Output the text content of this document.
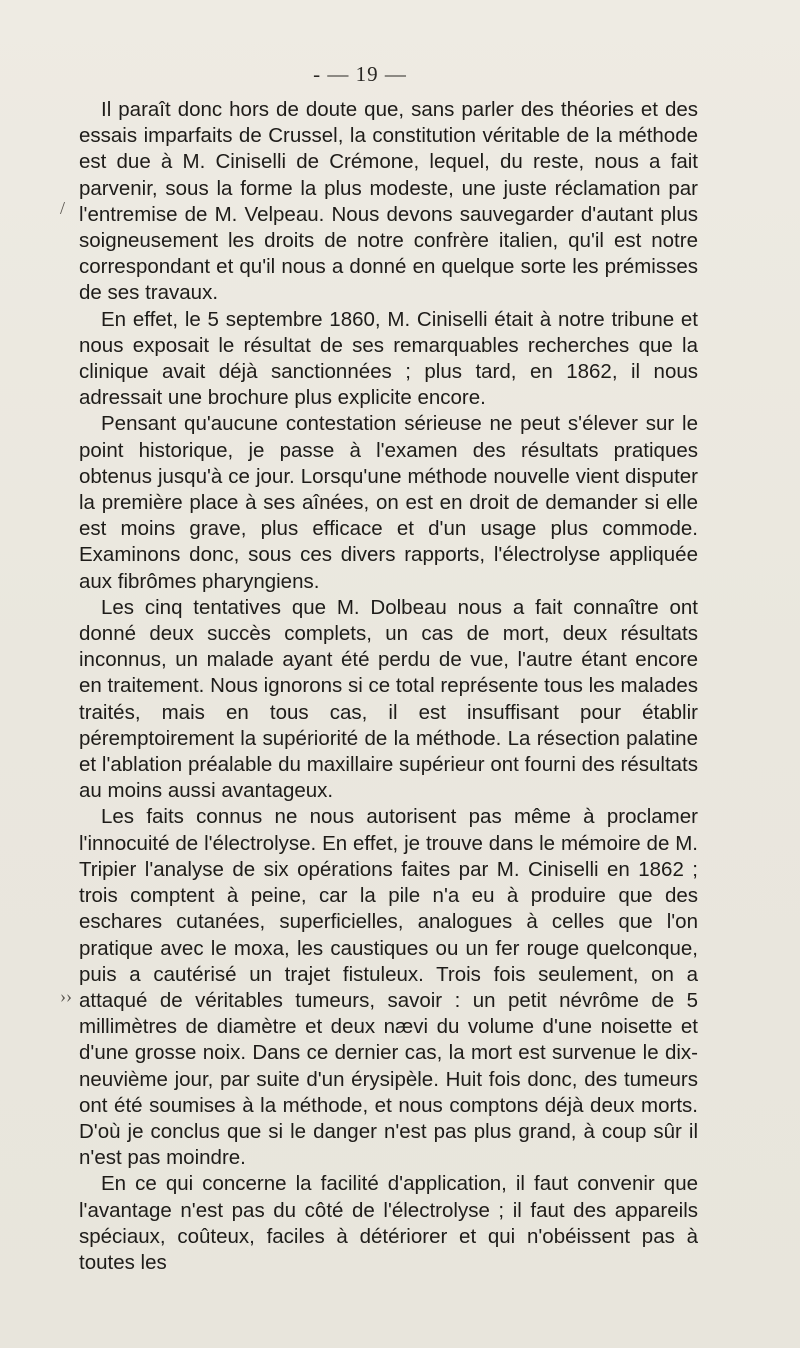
- — 19 —
/
››

Il paraît donc hors de doute que, sans parler des théories et des essais imparfaits de Crussel, la constitution véritable de la méthode est due à M. Ciniselli de Crémone, lequel, du reste, nous a fait parvenir, sous la forme la plus modeste, une juste réclamation par l'entremise de M. Velpeau. Nous devons sauvegarder d'autant plus soigneusement les droits de notre confrère italien, qu'il est notre correspondant et qu'il nous a donné en quelque sorte les prémisses de ses travaux.

En effet, le 5 septembre 1860, M. Ciniselli était à notre tribune et nous exposait le résultat de ses remarquables recherches que la clinique avait déjà sanctionnées ; plus tard, en 1862, il nous adressait une brochure plus explicite encore.

Pensant qu'aucune contestation sérieuse ne peut s'élever sur le point historique, je passe à l'examen des résultats pratiques obtenus jusqu'à ce jour. Lorsqu'une méthode nouvelle vient disputer la première place à ses aînées, on est en droit de demander si elle est moins grave, plus efficace et d'un usage plus commode. Examinons donc, sous ces divers rapports, l'électrolyse appliquée aux fibrômes pharyngiens.

Les cinq tentatives que M. Dolbeau nous a fait connaître ont donné deux succès complets, un cas de mort, deux résultats inconnus, un malade ayant été perdu de vue, l'autre étant encore en traitement. Nous ignorons si ce total représente tous les malades traités, mais en tous cas, il est insuffisant pour établir péremptoirement la supériorité de la méthode. La résection palatine et l'ablation préalable du maxillaire supérieur ont fourni des résultats au moins aussi avantageux.

Les faits connus ne nous autorisent pas même à proclamer l'innocuité de l'électrolyse. En effet, je trouve dans le mémoire de M. Tripier l'analyse de six opérations faites par M. Ciniselli en 1862 ; trois comptent à peine, car la pile n'a eu à produire que des eschares cutanées, superficielles, analogues à celles que l'on pratique avec le moxa, les caustiques ou un fer rouge quelconque, puis a cautérisé un trajet fistuleux. Trois fois seulement, on a attaqué de véritables tumeurs, savoir : un petit névrôme de 5 millimètres de diamètre et deux nævi du volume d'une noisette et d'une grosse noix. Dans ce dernier cas, la mort est survenue le dix-neuvième jour, par suite d'un érysipèle. Huit fois donc, des tumeurs ont été soumises à la méthode, et nous comptons déjà deux morts. D'où je conclus que si le danger n'est pas plus grand, à coup sûr il n'est pas moindre.

En ce qui concerne la facilité d'application, il faut convenir que l'avantage n'est pas du côté de l'électrolyse ; il faut des appareils spéciaux, coûteux, faciles à détériorer et qui n'obéissent pas à toutes les
